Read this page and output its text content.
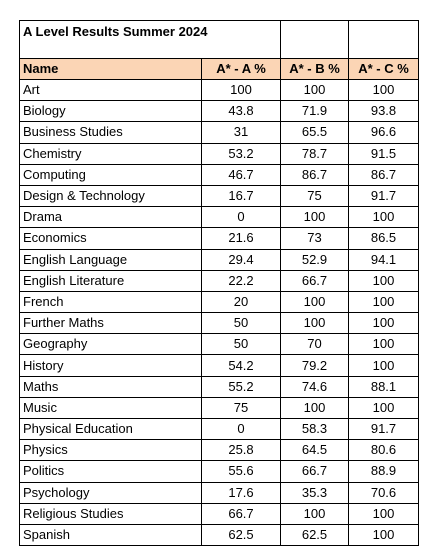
A Level Results Summer 2024			
Name	A* - A %	A* - B %	A* - C %
Art	100	100	100
Biology	43.8	71.9	93.8
Business Studies	31	65.5	96.6
Chemistry	53.2	78.7	91.5
Computing	46.7	86.7	86.7
Design & Technology	16.7	75	91.7
Drama	0	100	100
Economics	21.6	73	86.5
English Language	29.4	52.9	94.1
English Literature	22.2	66.7	100
French	20	100	100
Further Maths	50	100	100
Geography	50	70	100
History	54.2	79.2	100
Maths	55.2	74.6	88.1
Music	75	100	100
Physical Education	0	58.3	91.7
Physics	25.8	64.5	80.6
Politics	55.6	66.7	88.9
Psychology	17.6	35.3	70.6
Religious Studies	66.7	100	100
Spanish	62.5	62.5	100
